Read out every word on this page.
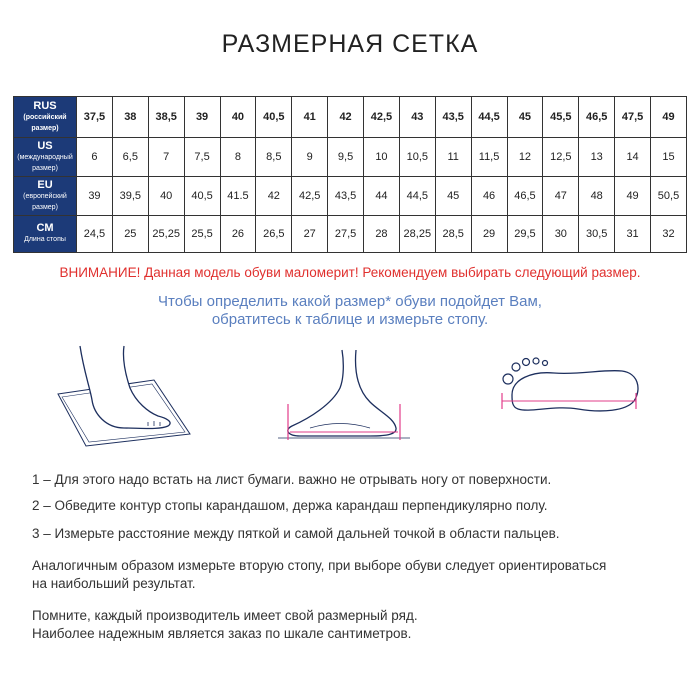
РАЗМЕРНАЯ СЕТКА
RUS
(российский размер)	37,5	38	38,5	39	40	40,5	41	42	42,5	43	43,5	44,5	45	45,5	46,5	47,5	49

US
(международный размер)	6	6,5	7	7,5	8	8,5	9	9,5	10	10,5	11	11,5	12	12,5	13	14	15

EU
(европейский размер)	39	39,5	40	40,5	41.5	42	42,5	43,5	44	44,5	45	46	46,5	47	48	49	50,5

CM
Длина стопы	24,5	25	25,25	25,5	26	26,5	27	27,5	28	28,25	28,5	29	29,5	30	30,5	31	32
ВНИМАНИЕ! Данная модель обуви маломерит! Рекомендуем выбирать следующий размер.
Чтобы определить какой размер* обуви подойдет Вам,
обратитесь к таблице и измерьте стопу.
1 – Для этого надо встать на лист бумаги. важно не отрывать ногу от поверхности.
2 – Обведите контур стопы карандашом, держа карандаш перпендикулярно полу.
3 – Измерьте расстояние между пяткой и самой дальней точкой в области пальцев.
Аналогичным образом измерьте вторую стопу, при выборе обуви следует ориентироваться
на наибольший результат.
Помните, каждый производитель имеет свой размерный ряд.
Наиболее надежным является заказ по шкале сантиметров.
